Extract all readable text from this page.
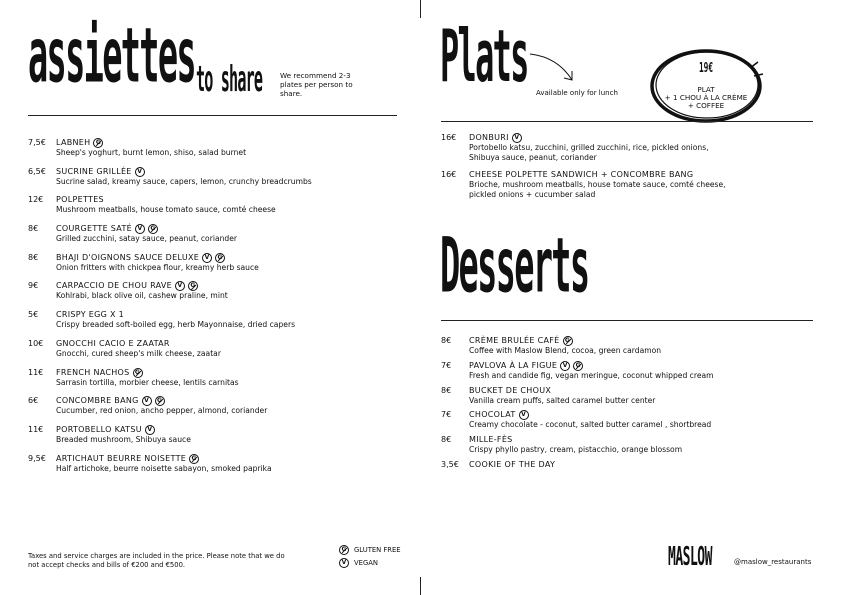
assiettes to share We recommend 2-3 plates per person to share.
7,5€ LABNEH G
Sheep's yoghurt, burnt lemon, shiso, salad burnet
6,5€ SUCRINE GRILLÉE V
Sucrine salad, kreamy sauce, capers, lemon, crunchy breadcrumbs
12€ POLPETTES
Mushroom meatballs, house tomato sauce, comté cheese
8€ COURGETTE SATÉ V	G
Grilled zucchini, satay sauce, peanut, coriander
8€ BHAJI D'OIGNONS SAUCE DELUXE V	G
Onion fritters with chickpea flour, kreamy herb sauce
9€ CARPACCIO DE CHOU RAVE V	G
Kohlrabi, black olive oil, cashew praline, mint
5€ CRISPY EGG X 1
Crispy breaded soft-boiled egg, herb Mayonnaise, dried capers
10€ GNOCCHI CACIO E ZAATAR
Gnocchi, cured sheep's milk cheese, zaatar
11€ FRENCH NACHOS G
Sarrasin tortilla, morbier cheese, lentils carnitas
6€ CONCOMBRE BANG V	G
Cucumber, red onion, ancho pepper, almond, coriander
11€ PORTOBELLO KATSU V
Breaded mushroom, Shibuya sauce
9,5€ ARTICHAUT BEURRE NOISETTE G
Half artichoke, beurre noisette sabayon, smoked paprika
Taxes and service charges are included in the price. Please note that we do not accept checks and bills of €200 and €500.
G	GLUTEN FREE
V	VEGAN
Plats Available only for lunch
19€
PLAT
+ 1 CHOU À LA CRÈME
+ COFFEE
16€ DONBURI V
Portobello katsu, zucchini, grilled zucchini, rice, pickled onions,
Shibuya sauce, peanut, coriander
16€ CHEESE POLPETTE SANDWICH + CONCOMBRE BANG
Brioche, mushroom meatballs, house tomate sauce, comté cheese,
pickled onions + cucumber salad
Desserts
8€ CRÈME BRULÉE CAFÉ G
Coffee with Maslow Blend, cocoa, green cardamon
7€ PAVLOVA À LA FIGUE V	G
Fresh and candide fig, vegan meringue, coconut whipped cream
8€ BUCKET DE CHOUX
Vanilla cream puffs, salted caramel butter center
7€ CHOCOLAT V
Creamy chocolate - coconut, salted butter caramel , shortbread
8€ MILLE-FÈS
Crispy phyllo pastry, cream, pistacchio, orange blossom
3,5€ COOKIE OF THE DAY
MASLOW	@maslow_restaurants
